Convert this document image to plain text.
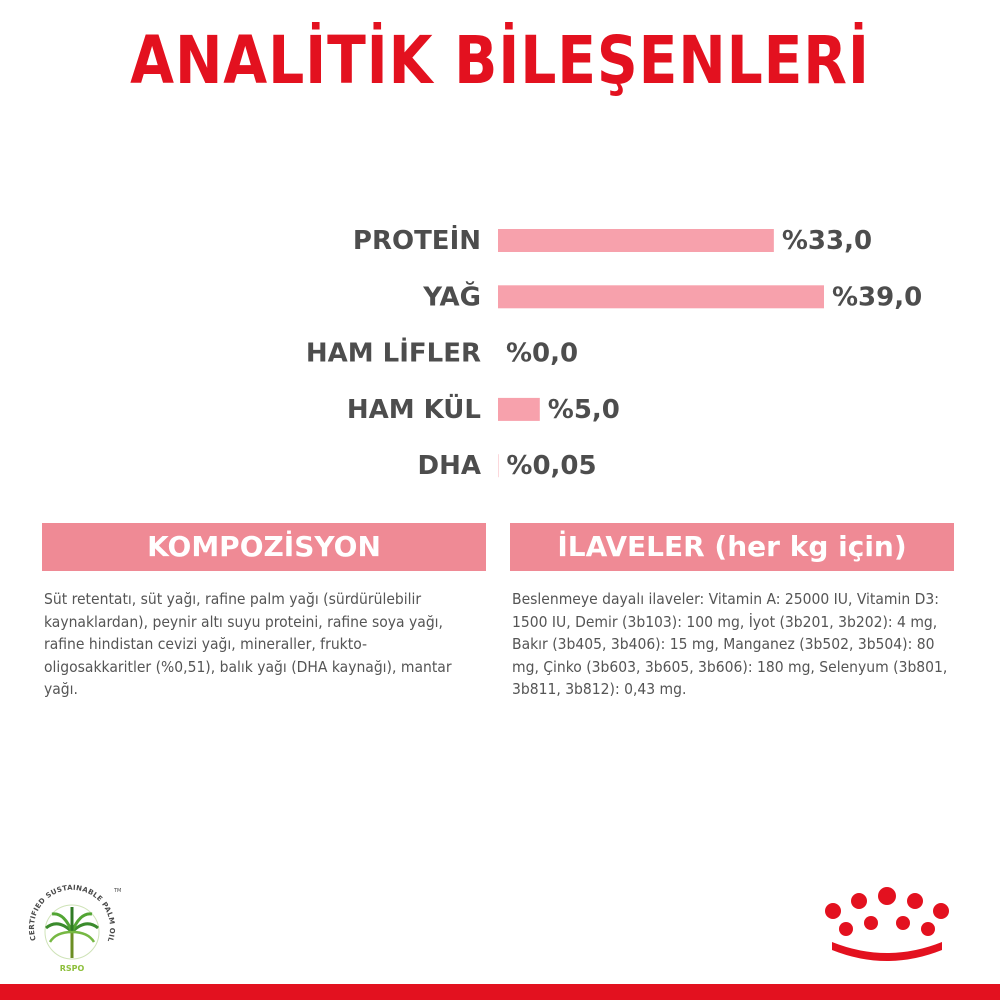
ANALİTİK BİLEŞENLERİ
PROTEİN
YAĞ
HAM LİFLER
HAM KÜL
DHA
%33,0
%39,0
%0,0
%5,0
%0,05
KOMPOZİSYON	İLAVELER (her kg için)
Süt retentatı, süt yağı, rafine palm yağı (sürdürülebilir kaynaklardan), peynir altı suyu proteini, rafine soya yağı, rafine hindistan cevizi yağı, mineraller, frukto-oligosakkaritler (%0,51), balık yağı (DHA kaynağı), mantar yağı.
Beslenmeye dayalı ilaveler: Vitamin A: 25000 IU, Vitamin D3: 1500 IU, Demir (3b103): 100 mg, İyot (3b201, 3b202): 4 mg, Bakır (3b405, 3b406): 15 mg, Manganez (3b502, 3b504): 80 mg, Çinko (3b603, 3b605, 3b606): 180 mg, Selenyum (3b801, 3b811, 3b812): 0,43 mg.
CERTIFIED SUSTAINABLE PALM OIL
RSPO
TM
